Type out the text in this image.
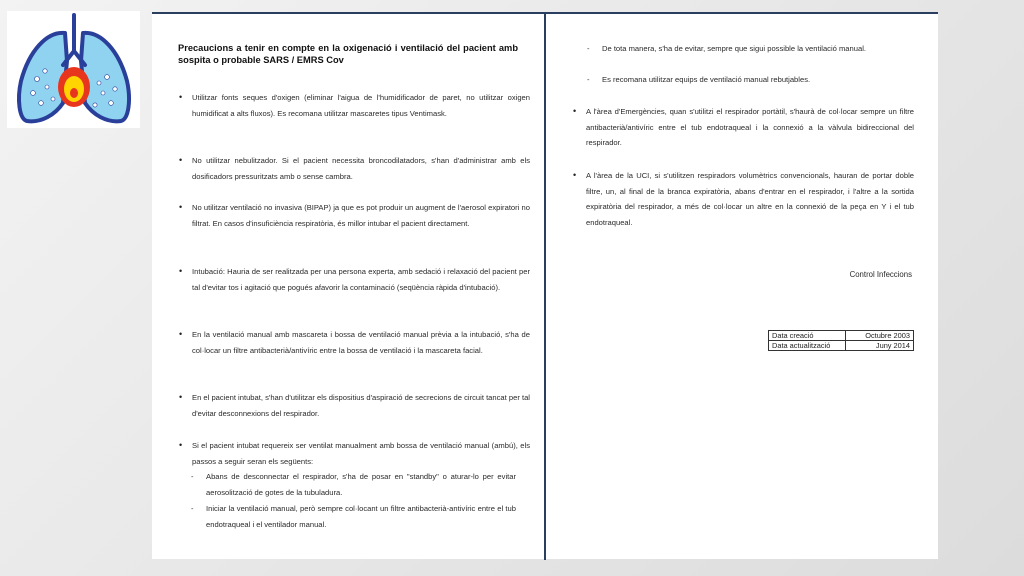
Precaucions a tenir en compte en la oxigenació i ventilació del pacient amb sospita o probable SARS / EMRS Cov
• Utilitzar fonts seques d'oxigen (eliminar l'aigua de l'humidificador de paret, no utilitzar oxigen humidificat a alts fluxos). Es recomana utilitzar mascaretes tipus Ventimask.
• No utilitzar nebulitzador. Si el pacient necessita broncodilatadors, s'han d'administrar amb els dosificadors pressuritzats amb o sense cambra.
• No utilitzar ventilació no invasiva (BIPAP) ja que es pot produir un augment de l'aerosol expiratori no filtrat. En casos d'insuficiència respiratòria, és millor intubar el pacient directament.
• Intubació: Hauria de ser realitzada per una persona experta, amb sedació i relaxació del pacient per tal d'evitar tos i agitació que pogués afavorir la contaminació (seqüència ràpida d'intubació).
• En la ventilació manual amb mascareta i bossa de ventilació manual prèvia a la intubació, s'ha de col·locar un filtre antibacterià/antivíric entre la bossa de ventilació i la mascareta facial.
• En el pacient intubat, s'han d'utilitzar els dispositius d'aspiració de secrecions de circuit tancat per tal d'evitar desconnexions del respirador.
• Si el pacient intubat requereix ser ventilat manualment amb bossa de ventilació manual (ambú), els passos a seguir seran els següents:
- Abans de desconnectar el respirador, s'ha de posar en "standby" o aturar-lo per evitar aerosolització de gotes de la tubuladura.
- Iniciar la ventilació manual, però sempre col·locant un filtre antibacterià-antivíric entre el tub endotraqueal i el ventilador manual.
- De tota manera, s'ha de evitar, sempre que sigui possible la ventilació manual.
- Es recomana utilitzar equips de ventilació manual rebutjables.
• A l'àrea d'Emergències, quan s'utilitzi el respirador portàtil, s'haurà de col·locar sempre un filtre antibacterià/antivíric entre el tub endotraqueal i la connexió a la vàlvula bidireccional del respirador.
• A l'àrea de la UCI, si s'utilitzen respiradors volumètrics convencionals, hauran de portar doble filtre, un, al final de la branca expiratòria, abans d'entrar en el respirador, i l'altre a la sortida expiratòria del respirador, a més de col·locar un altre en la connexió de la peça en Y i el tub endotraqueal.
Control Infeccions
Data creació	Octubre 2003
Data actualització	Juny 2014
